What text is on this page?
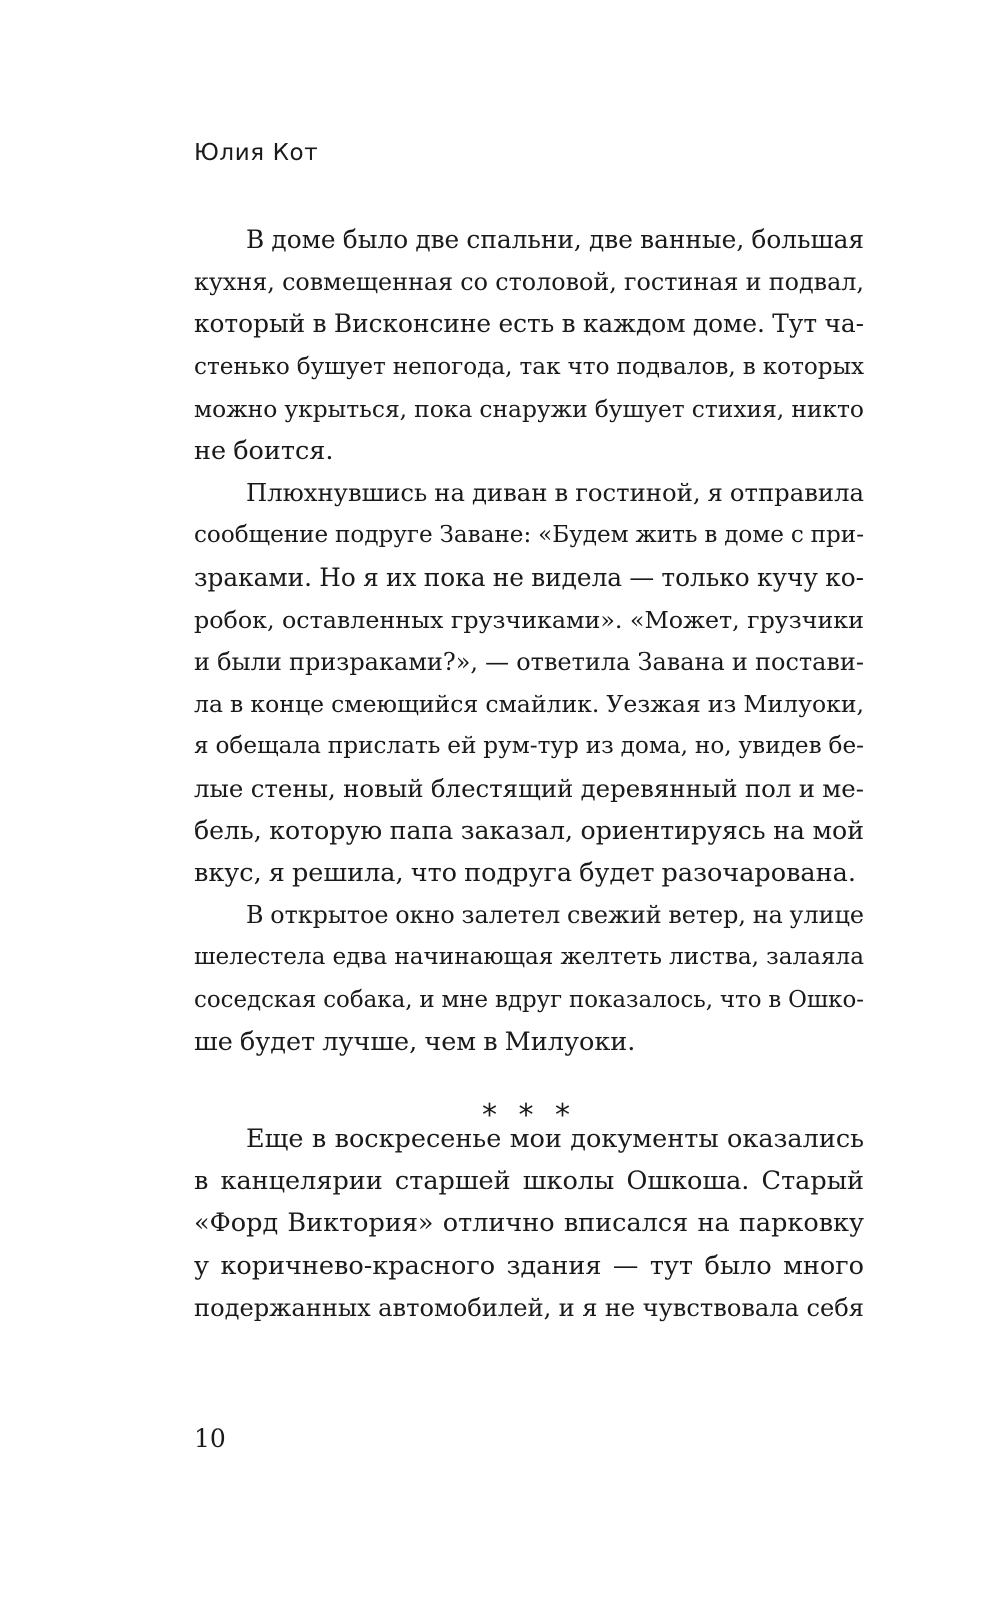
Юлия Кот

В доме было две спальни, две ванные, большая
кухня, совмещенная со столовой, гостиная и подвал,
который в Висконсине есть в каждом доме. Тут ча-
стенько бушует непогода, так что подвалов, в которых
можно укрыться, пока снаружи бушует стихия, никто
не боится.

Плюхнувшись на диван в гостиной, я отправила
сообщение подруге Заване: «Будем жить в доме с при-
зраками. Но я их пока не видела — только кучу ко-
робок, оставленных грузчиками». «Может, грузчики
и были призраками?», — ответила Завана и постави-
ла в конце смеющийся смайлик. Уезжая из Милуоки,
я обещала прислать ей рум-тур из дома, но, увидев бе-
лые стены, новый блестящий деревянный пол и ме-
бель, которую папа заказал, ориентируясь на мой
вкус, я решила, что подруга будет разочарована.

В открытое окно залетел свежий ветер, на улице
шелестела едва начинающая желтеть листва, залаяла
соседская собака, и мне вдруг показалось, что в Ошко-
ше будет лучше, чем в Милуоки.

* * *

Еще в воскресенье мои документы оказались
в канцелярии старшей школы Ошкоша. Старый
«Форд Виктория» отлично вписался на парковку
у коричнево-красного здания — тут было много
подержанных автомобилей, и я не чувствовала себя

10
